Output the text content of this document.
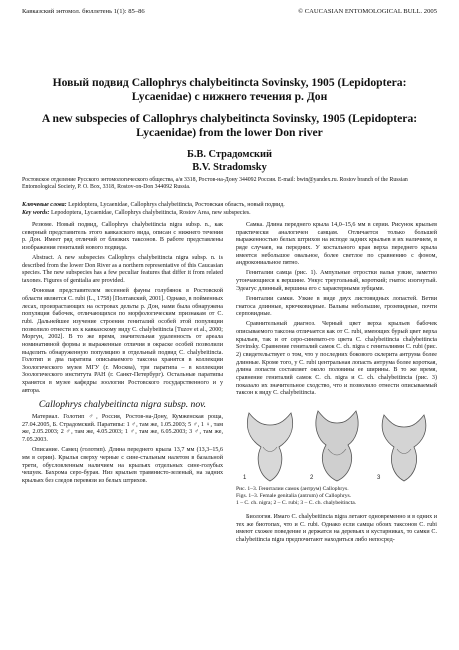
Кавказский энтомол. бюллетень 1(1): 85–86	© CAUCASIAN ENTOMOLOGICAL BULL. 2005

Новый подвид Callophrys chalybeitincta Sovinsky, 1905 (Lepidoptera: Lycaenidae) с нижнего течения р. Дон

A new subspecies of Callophrys chalybeitincta Sovinsky, 1905 (Lepidoptera: Lycaenidae) from the lower Don river

Б.В. Страдомский
B.V. Stradomsky
Ростовское отделение Русского энтомологического общества, а/я 3318, Ростов-на-Дону 344092 Россия. E-mail: bwin@yandex.ru. Rostov branch of the Russian Entomological Society, P. O. Box, 3318, Rostov-on-Don 344092 Russia.
Ключевые слова: Lepidoptera, Lycaenidae, Callophrys chalybeitincta, Ростовская область, новый подвид.
Key words: Lepodoptera, Lycaenidae, Callophrys chalybeitincta, Rostov Area, new subspecies.

Резюме. Новый подвид, Callophrys chalybeitincta nigra subsp. n., как северный представитель этого кавказского вида, описан с нижнего течения р. Дон. Имеет ряд отличий от близких таксонов. В работе представлены изображения гениталий нового подвида.

Abstract. A new subspecies Callophrys chalybeitincta nigra subsp. n. is described from the lower Don River as a northern representative of this Caucasian species. The new subspecies has a few peculiar features that differ it from related taxones. Figures of genitalia are provided.

Фоновая представителем весенней фауны голубянок в Ростовской области является C. rubi (L., 1758) [Полтавский, 2001]. Однако, в пойменных лесах, произрастающих на островах дельты р. Дон, нами была обнаружена популяция бабочек, отличающихся по морфологическим признакам от C. rubi. Дальнейшее изучение строения гениталий особей этой популяции позволило отнести их к кавказскому виду C. chalybeitincta [Tuzov et al., 2000; Моргун, 2002]. В то же время, значительная удаленность от ареала номинативной формы и выраженные отличия в окраске особей позволили выделить обнаруженную популяцию в отдельный подвид C. chalybeitincta. Голотип и два паратипа описываемого таксона хранятся в коллекции Зоологического музея МГУ (г. Москва), три паратипа – в коллекции Зоологического института РАН (г. Санкт-Петербург). Остальные паратипы хранятся в музее кафедры зоологии Ростовского государственного и у автора.

Callophrys chalybeitincta nigra subsp. nov.

Материал. Голотип ♂, Россия, Ростов-на-Дону, Кумженская роща, 27.04.2005, Б. Страдомский. Паратипы: 1 ♂, там же, 1.05.2003; 5 ♂, 1 ♀, там же, 2.05.2003; 2 ♂, там же, 4.05.2003; 1 ♂, там же, 6.05.2003; 3 ♂, там же, 7.05.2003.

Описание. Самец (голотип). Длина переднего крыла 13,7 мм (13,3–15,6 мм в серии). Крылья сверху черные с сине-стальным налетом в базальной трети, обусловленным наличием на крыльях отдельных сине-голубых чешуек. Бахрома серо-бурая. Низ крыльев травянисто-зеленый, на задних крыльях без следов перевязи из белых штрихов.

Самка. Длина переднего крыла 14,0–15,6 мм в серии. Рисунок крыльев практически аналогичен самцам. Отличается только большей выраженностью белых штрихов на исподе задних крыльев и их наличием, в ряде случаев, на передних. У костального края верха переднего крыла имеется небольшое овальное, более светлое по сравнению с фоном, андрокониальное пятно.

Гениталии самца (рис. 1). Ампульные отростки вальв узкие, заметно утончающиеся к вершине. Ункус треугольный, короткий; гнатос изогнутый. Эдеагус длинный, вершина его с характерными зубцами.

Гениталии самки. Узкие в виде двух листовидных лопастей. Ветви гнатоса длинные, крючковидные. Вальвы небольшие, грозевидные, почти серповидные.

Сравнительный диагноз. Черный цвет верха крыльев бабочек описываемого таксона отличается как от C. rubi, имеющих бурый цвет верха крыльев, так и от серо-синевато-го цвета C. chalybeitincta chalybeitincta Sovinsky. Сравнение гениталий самок C. ch. nigra с гениталиями C. rubi (рис. 2) свидетельствует о том, что у последних бокового склерита антрума более длинные. Кроме того, у C. rubi центральная лопасть антрума более короткая, длина лопасти составляет около половины ее ширины. В то же время, сравнение гениталий самок C. ch. nigra и C. ch. chalybeitincta (рис. 3) показало их значительное сходство, что и позволило отнести описываемый таксон к виду C. chalybeitincta.

1	2	3
Рис. 1–3. Гениталии самок (антрум) Callophrys.
Figs. 1–3. Female genitalia (antrum) of Callophrys.
1 – C. ch. nigra; 2 – C. rubi; 3 – C. ch. chalybeitincta.

Биология. Имаго C. chalybeitincta nigra летают одновременно и в одних и тех же биотопах, что и C. rubi. Однако если самцы обоих таксонов C. rubi имеют схожее поведение и держатся на деревьях и кустарниках, то самки C. chalybeitincta nigra предпочитают находиться либо непосред-
